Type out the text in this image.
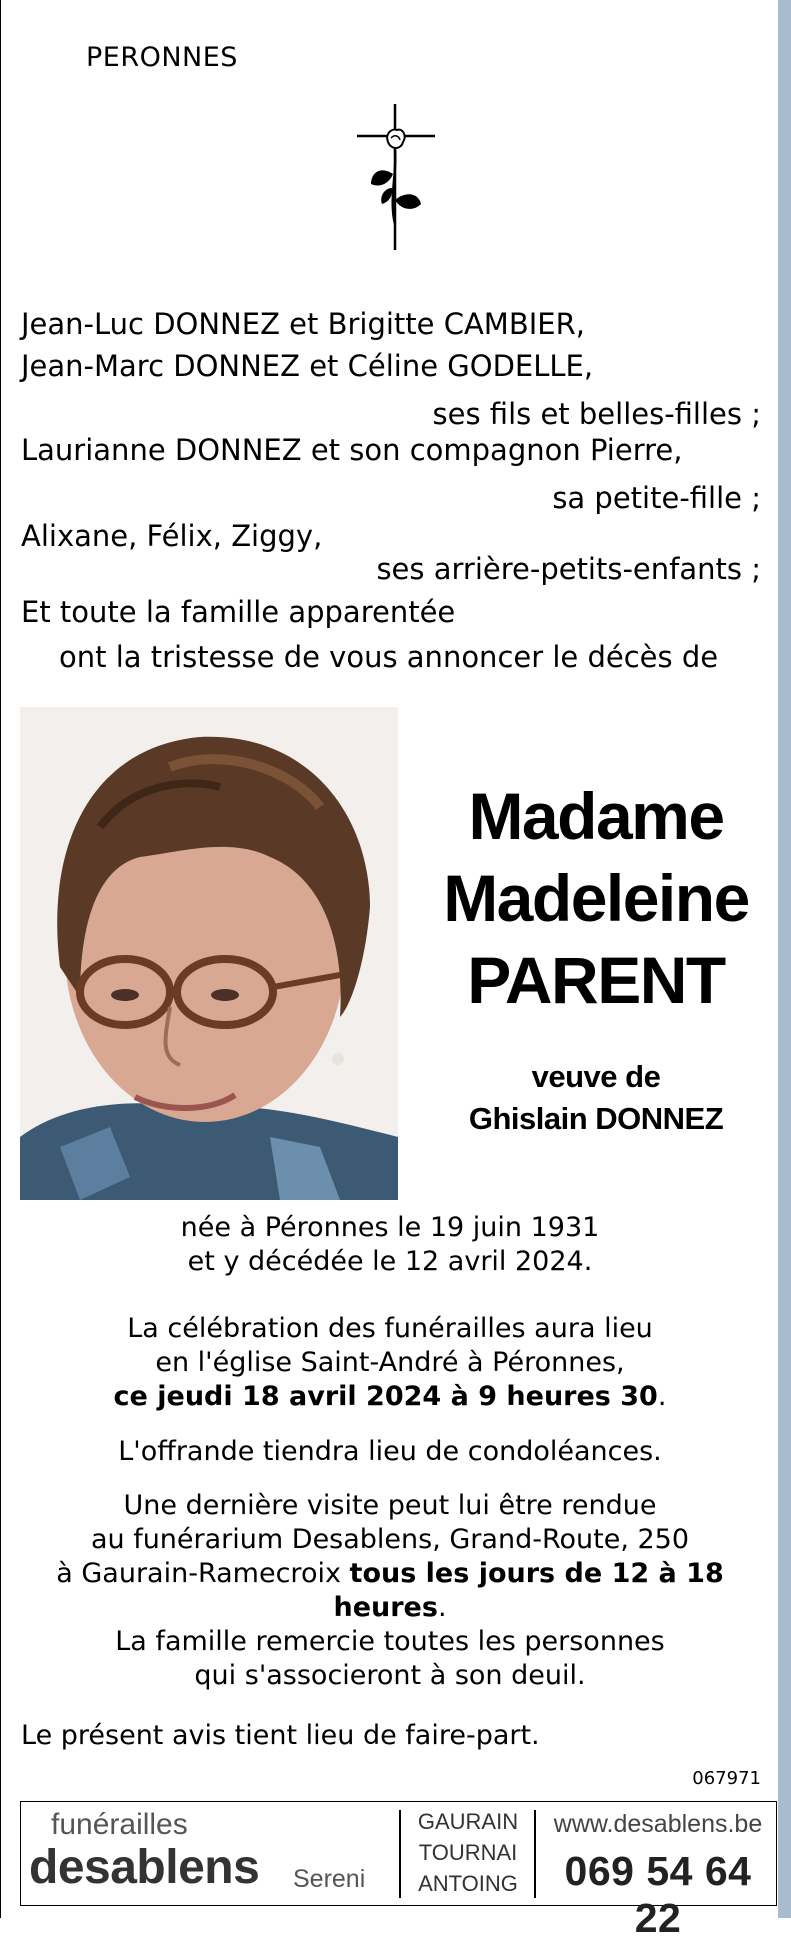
PERONNES
Jean-Luc DONNEZ et Brigitte CAMBIER,
Jean-Marc DONNEZ et Céline GODELLE,
ses fils et belles-filles ;
Laurianne DONNEZ et son compagnon Pierre,
sa petite-fille ;
Alixane, Félix, Ziggy,
ses arrière-petits-enfants ;
Et toute la famille apparentée
ont la tristesse de vous annoncer le décès de
Madame
Madeleine
PARENT
veuve de
Ghislain DONNEZ
née à Péronnes le 19 juin 1931
et y décédée le 12 avril 2024.
La célébration des funérailles aura lieu
en l'église Saint-André à Péronnes,
ce jeudi 18 avril 2024 à 9 heures 30.
L'offrande tiendra lieu de condoléances.
Une dernière visite peut lui être rendue
au funérarium Desablens, Grand-Route, 250
à Gaurain-Ramecroix tous les jours de 12 à 18 heures.
La famille remercie toutes les personnes
qui s'associeront à son deuil.
Le présent avis tient lieu de faire-part.
067971
funérailles
desablens Sereni
GAURAIN
TOURNAI
ANTOING
www.desablens.be
069 54 64 22
